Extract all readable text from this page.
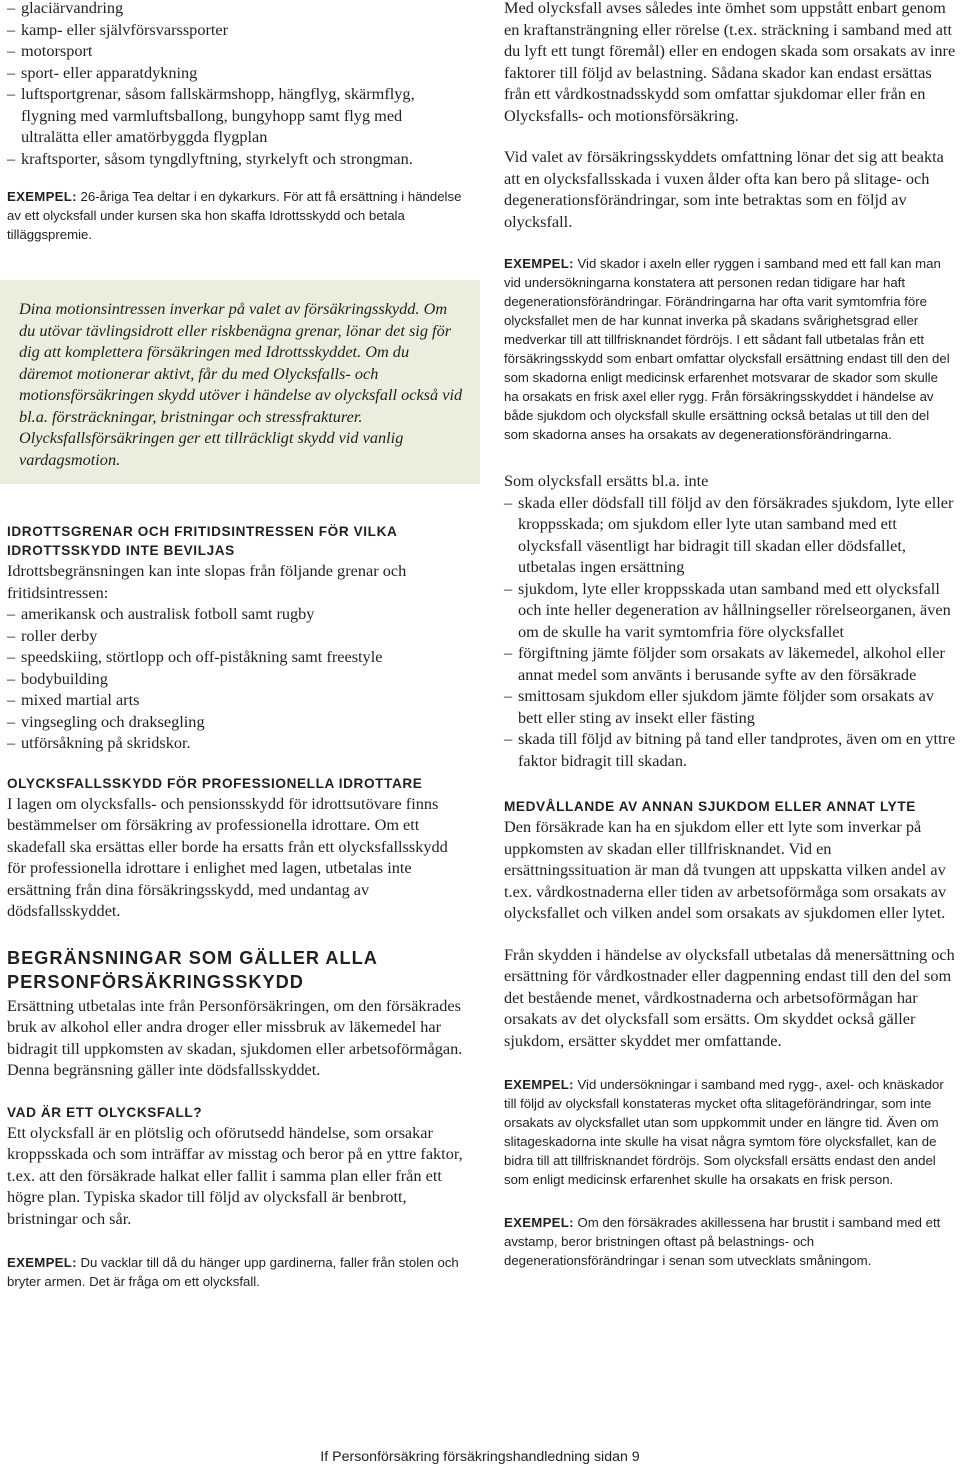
– glaciärvandring
– kamp- eller självförsvarssporter
– motorsport
– sport- eller apparatdykning
– luftsportgrenar, såsom fallskärmshopp, hängflyg, skärmflyg, flygning med varmluftsballong, bungyhopp samt flyg med ultralätta eller amatörbyggda flygplan
– kraftsporter, såsom tyngdlyftning, styrkelyft och strongman.

EXEMPEL: 26-åriga Tea deltar i en dykarkurs. För att få ersättning i händelse av ett olycksfall under kursen ska hon skaffa Idrottsskydd och betala tilläggspremie.

Dina motionsintressen inverkar på valet av försäkringsskydd. Om du utövar tävlingsidrott eller riskbenägna grenar, lönar det sig för dig att komplettera försäkringen med Idrottsskyddet. Om du däremot motionerar aktivt, får du med Olycksfalls- och motionsförsäkringen skydd utöver i händelse av olycksfall också vid bl.a. försträckningar, bristningar och stressfrakturer. Olycksfallsförsäkringen ger ett tillräckligt skydd vid vanlig vardagsmotion.

IDROTTSGRENAR OCH FRITIDSINTRESSEN FÖR VILKA IDROTTSSKYDD INTE BEVILJAS

Idrottsbegränsningen kan inte slopas från följande grenar och fritidsintressen:

– amerikansk och australisk fotboll samt rugby
– roller derby
– speedskiing, störtlopp och off-piståkning samt freestyle
– bodybuilding
– mixed martial arts
– vingsegling och draksegling
– utförsåkning på skridskor.
OLYCKSFALLSSKYDD FÖR PROFESSIONELLA IDROTTARE

I lagen om olycksfalls- och pensionsskydd för idrottsutövare finns bestämmelser om försäkring av professionella idrottare. Om ett skadefall ska ersättas eller borde ha ersatts från ett olycksfallsskydd för professionella idrottare i enlighet med lagen, utbetalas inte ersättning från dina försäkringsskydd, med undantag av dödsfallsskyddet.

BEGRÄNSNINGAR SOM GÄLLER ALLA PERSONFÖRSÄKRINGSSKYDD

Ersättning utbetalas inte från Personförsäkringen, om den försäkrades bruk av alkohol eller andra droger eller missbruk av läkemedel har bidragit till uppkomsten av skadan, sjukdomen eller arbetsoförmågan. Denna begränsning gäller inte dödsfallsskyddet.

VAD ÄR ETT OLYCKSFALL?

Ett olycksfall är en plötslig och oförutsedd händelse, som orsakar kroppsskada och som inträffar av misstag och beror på en yttre faktor, t.ex. att den försäkrade halkat eller fallit i samma plan eller från ett högre plan. Typiska skador till följd av olycksfall är benbrott, bristningar och sår.

EXEMPEL: Du vacklar till då du hänger upp gardinerna, faller från stolen och bryter armen. Det är fråga om ett olycksfall.

Med olycksfall avses således inte ömhet som uppstått enbart genom en kraftansträngning eller rörelse (t.ex. sträckning i samband med att du lyft ett tungt föremål) eller en endogen skada som orsakats av inre faktorer till följd av belastning. Sådana skador kan endast ersättas från ett vårdkostnadsskydd som omfattar sjukdomar eller från en Olycksfalls- och motionsförsäkring.

Vid valet av försäkringsskyddets omfattning lönar det sig att beakta att en olycksfallsskada i vuxen ålder ofta kan bero på slitage- och degenerationsförändringar, som inte betraktas som en följd av olycksfall.

EXEMPEL: Vid skador i axeln eller ryggen i samband med ett fall kan man vid undersökningarna konstatera att personen redan tidigare har haft degenerationsförändringar. Förändringarna har ofta varit symtomfria före olycksfallet men de har kunnat inverka på skadans svårighetsgrad eller medverkar till att tillfrisknandet fördröjs. I ett sådant fall utbetalas från ett försäkringsskydd som enbart omfattar olycksfall ersättning endast till den del som skadorna enligt medicinsk erfarenhet motsvarar de skador som skulle ha orsakats en frisk axel eller rygg. Från försäkringsskyddet i händelse av både sjukdom och olycksfall skulle ersättning också betalas ut till den del som skadorna anses ha orsakats av degenerationsförändringarna.

Som olycksfall ersätts bl.a. inte

– skada eller dödsfall till följd av den försäkrades sjukdom, lyte eller kroppsskada; om sjukdom eller lyte utan samband med ett olycksfall väsentligt har bidragit till skadan eller dödsfallet, utbetalas ingen ersättning
– sjukdom, lyte eller kroppsskada utan samband med ett olycksfall och inte heller degeneration av hållningseller rörelseorganen, även om de skulle ha varit symtomfria före olycksfallet
– förgiftning jämte följder som orsakats av läkemedel, alkohol eller annat medel som använts i berusande syfte av den försäkrade
– smittosam sjukdom eller sjukdom jämte följder som orsakats av bett eller sting av insekt eller fästing
– skada till följd av bitning på tand eller tandprotes, även om en yttre faktor bidragit till skadan.
MEDVÅLLANDE AV ANNAN SJUKDOM ELLER ANNAT LYTE

Den försäkrade kan ha en sjukdom eller ett lyte som inverkar på uppkomsten av skadan eller tillfrisknandet. Vid en ersättningssituation är man då tvungen att uppskatta vilken andel av t.ex. vårdkostnaderna eller tiden av arbetsoförmåga som orsakats av olycksfallet och vilken andel som orsakats av sjukdomen eller lytet.

Från skydden i händelse av olycksfall utbetalas då menersättning och ersättning för vårdkostnader eller dagpenning endast till den del som det bestående menet, vårdkostnaderna och arbetsoförmågan har orsakats av det olycksfall som ersätts. Om skyddet också gäller sjukdom, ersätter skyddet mer omfattande.

EXEMPEL: Vid undersökningar i samband med rygg-, axel- och knäskador till följd av olycksfall konstateras mycket ofta slitageförändringar, som inte orsakats av olycksfallet utan som uppkommit under en längre tid. Även om slitageskadorna inte skulle ha visat några symtom före olycksfallet, kan de bidra till att tillfrisknandet fördröjs. Som olycksfall ersätts endast den andel som enligt medicinsk erfarenhet skulle ha orsakats en frisk person.

EXEMPEL: Om den försäkrades akillessena har brustit i samband med ett avstamp, beror bristningen oftast på belastnings- och degenerationsförändringar i senan som utvecklats småningom.

If Personförsäkring försäkringshandledning sidan 9
